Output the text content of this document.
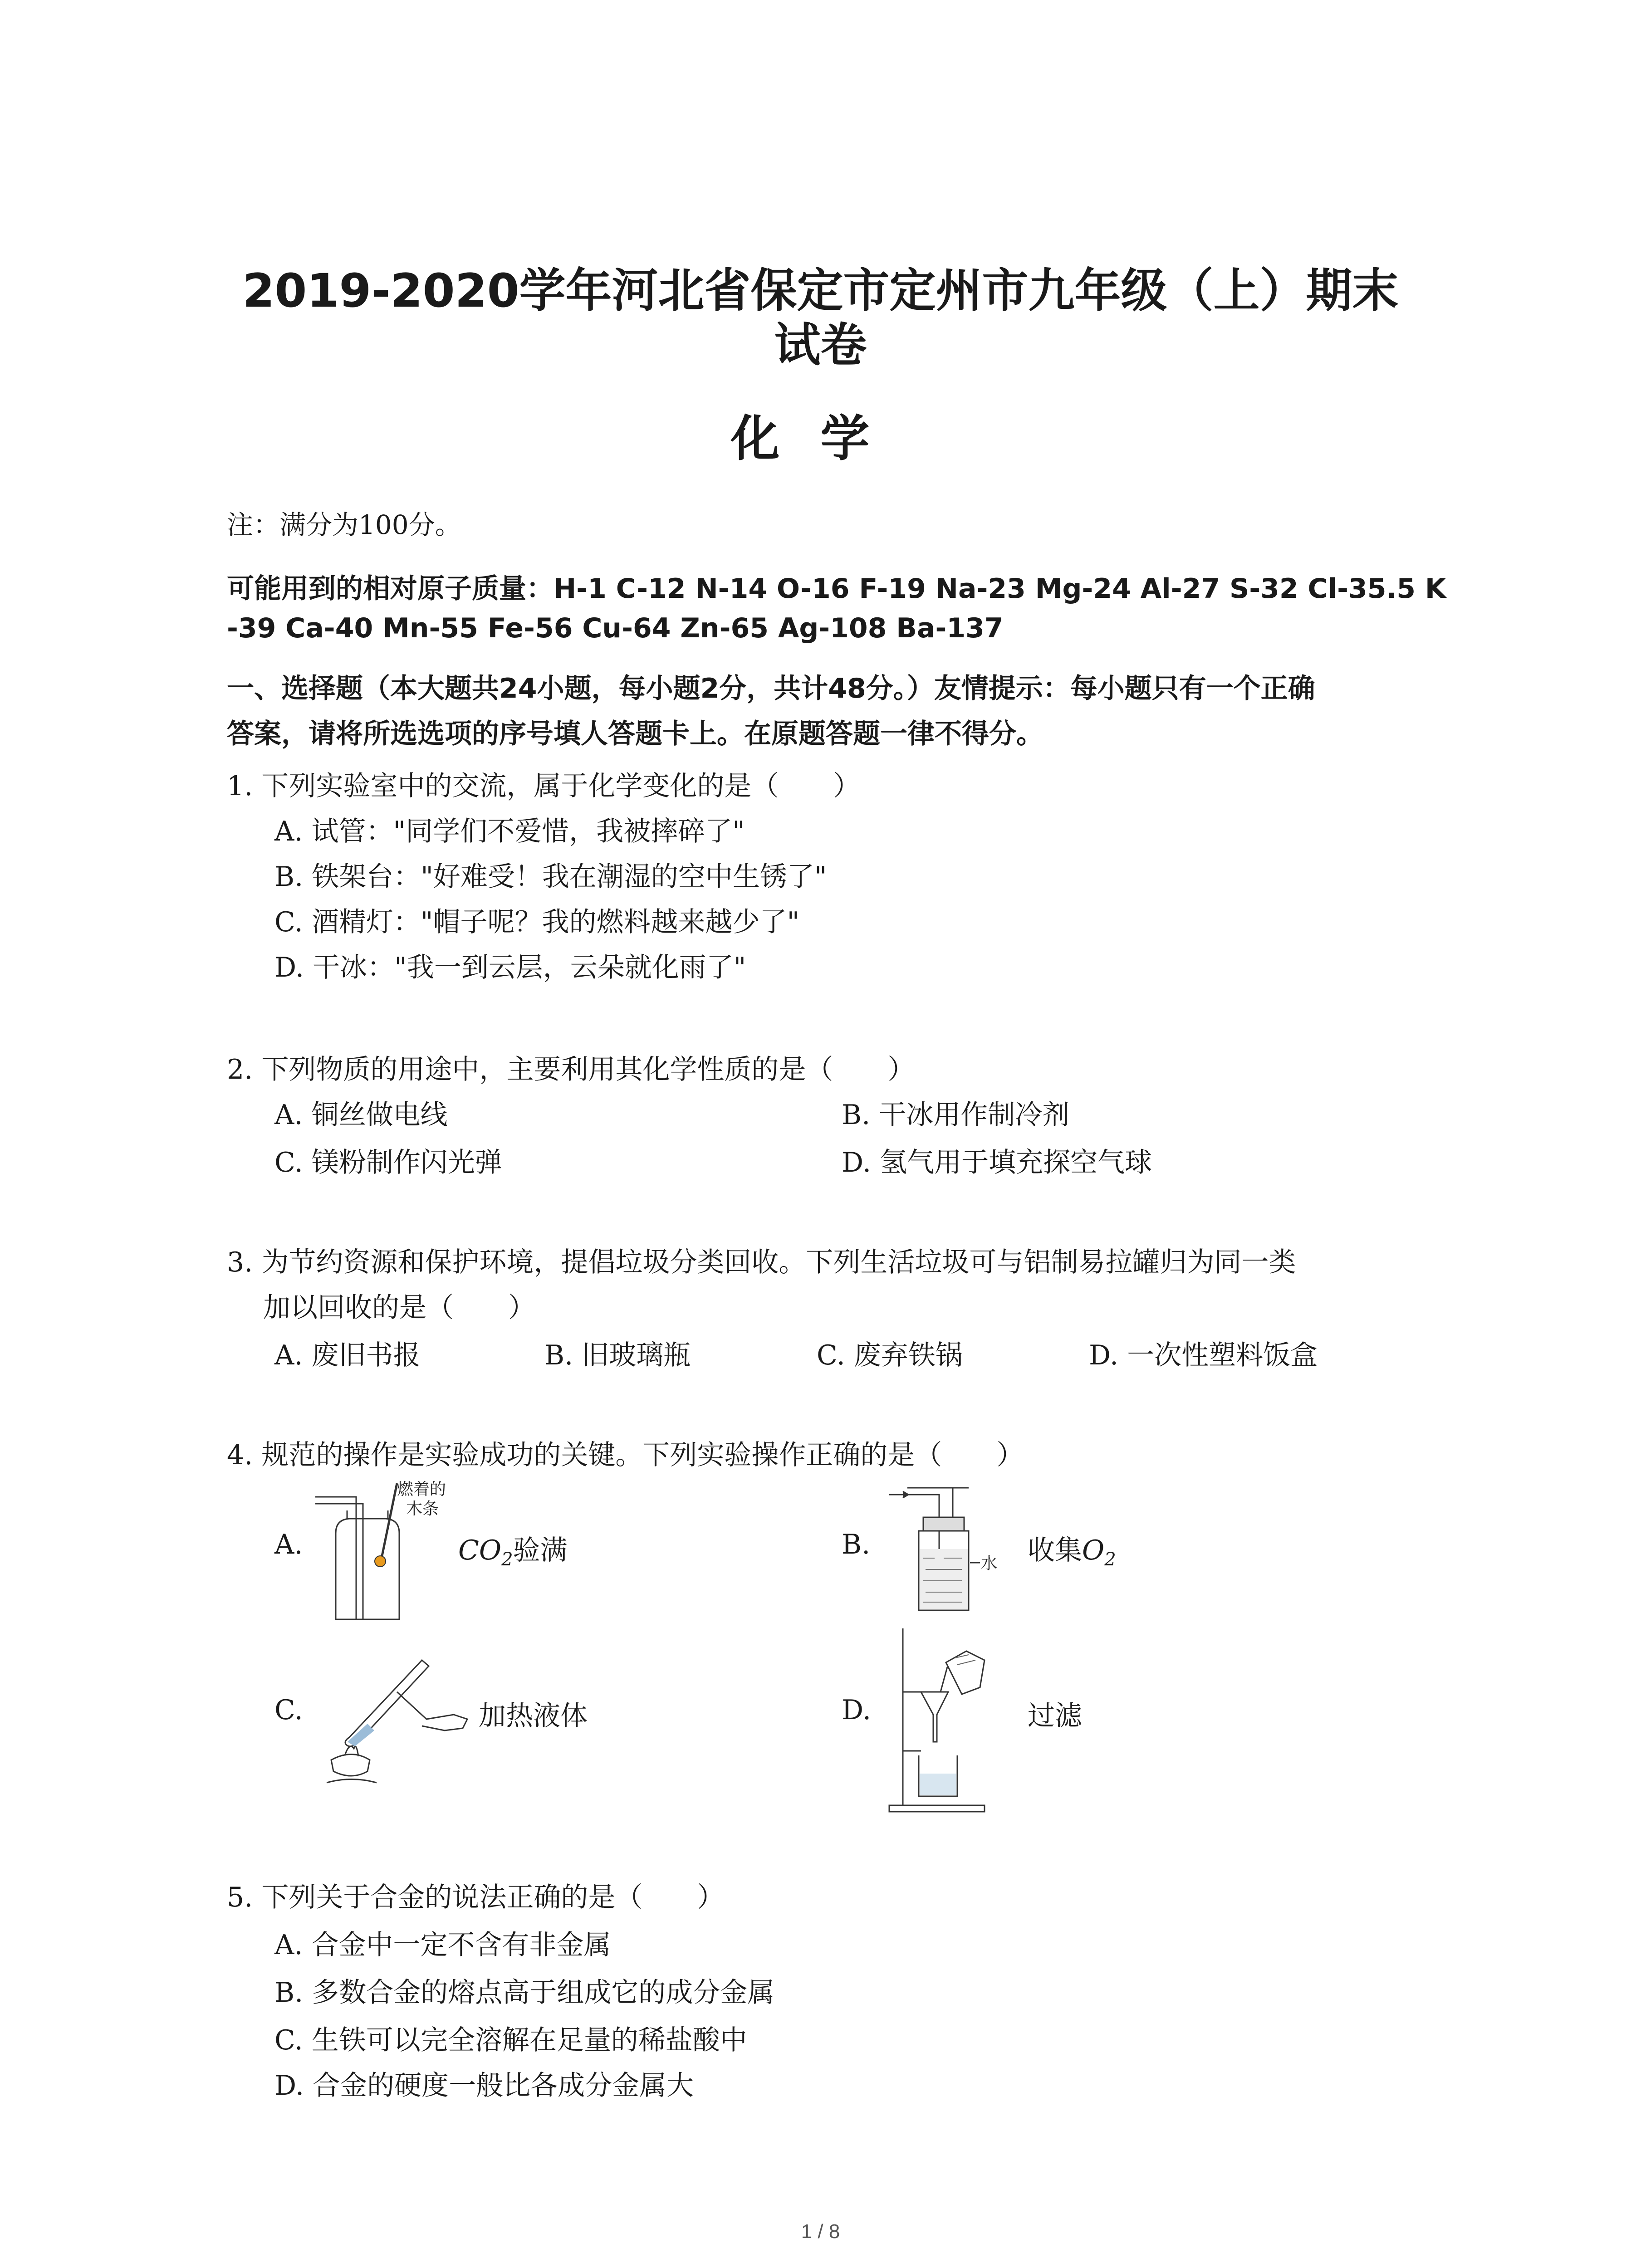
2019-2020学年河北省保定市定州市九年级（上）期末
试卷
化学
注：满分为100分。
可能用到的相对原子质量：H-1 C-12 N-14 O-16 F-19 Na-23 Mg-24 Al-27 S-32 Cl-35.5 K
-39 Ca-40 Mn-55 Fe-56 Cu-64 Zn-65 Ag-108 Ba-137
一、选择题（本大题共24小题，每小题2分，共计48分。）友情提示：每小题只有一个正确
答案，请将所选选项的序号填人答题卡上。在原题答题一律不得分。
1. 下列实验室中的交流，属于化学变化的是（　　）
A. 试管："同学们不爱惜，我被摔碎了"
B. 铁架台："好难受！我在潮湿的空中生锈了"
C. 酒精灯："帽子呢？我的燃料越来越少了"
D. 干冰："我一到云层，云朵就化雨了"
2. 下列物质的用途中，主要利用其化学性质的是（　　）
A. 铜丝做电线	B. 干冰用作制冷剂
C. 镁粉制作闪光弹	D. 氢气用于填充探空气球
3. 为节约资源和保护环境，提倡垃圾分类回收。下列生活垃圾可与铝制易拉罐归为同一类
加以回收的是（　　）
A. 废旧书报	B. 旧玻璃瓶	C. 废弃铁锅	D. 一次性塑料饭盒
4. 规范的操作是实验成功的关键。下列实验操作正确的是（　　）
A.
燃着的
木条
$CO_2$验满	B.
水 收集$O_2$
C.	加热液体	D.	过滤
5. 下列关于合金的说法正确的是（　　）
A. 合金中一定不含有非金属
B. 多数合金的熔点高于组成它的成分金属
C. 生铁可以完全溶解在足量的稀盐酸中
D. 合金的硬度一般比各成分金属大
1 / 8
